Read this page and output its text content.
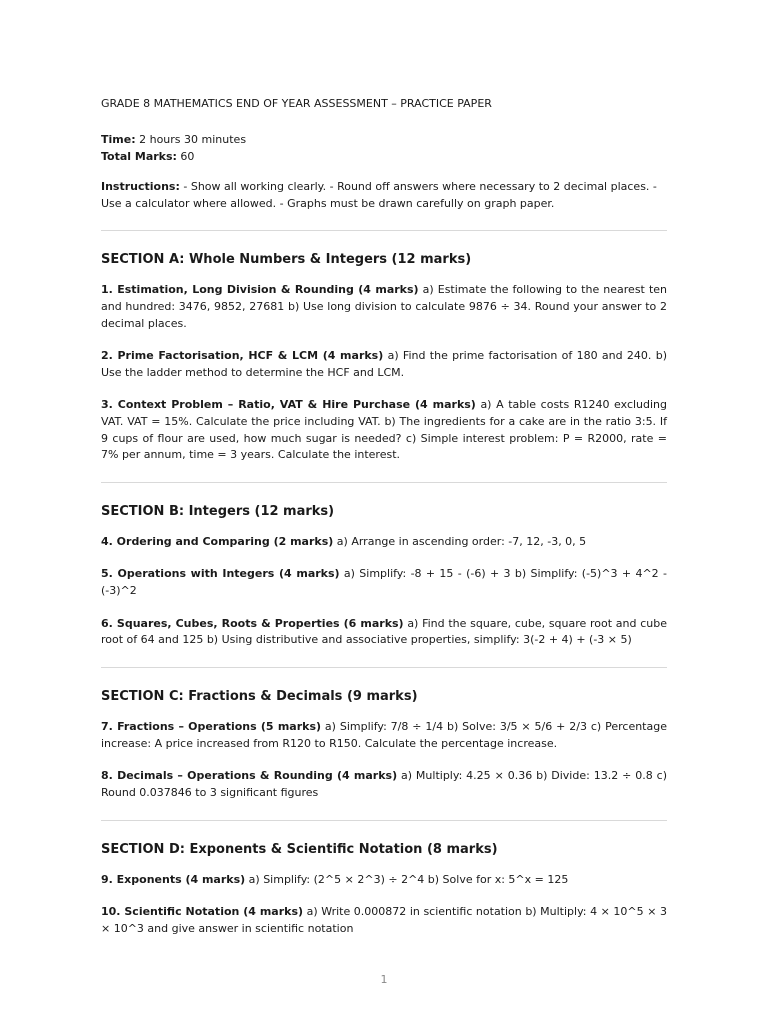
GRADE 8 MATHEMATICS END OF YEAR ASSESSMENT – PRACTICE PAPER
Time: 2 hours 30 minutes
Total Marks: 60
Instructions: - Show all working clearly. - Round off answers where necessary to 2 decimal places. - Use a calculator where allowed. - Graphs must be drawn carefully on graph paper.
SECTION A: Whole Numbers & Integers (12 marks)
1. Estimation, Long Division & Rounding (4 marks) a) Estimate the following to the nearest ten and hundred: 3476, 9852, 27681 b) Use long division to calculate 9876 ÷ 34. Round your answer to 2 decimal places.
2. Prime Factorisation, HCF & LCM (4 marks) a) Find the prime factorisation of 180 and 240. b) Use the ladder method to determine the HCF and LCM.
3. Context Problem – Ratio, VAT & Hire Purchase (4 marks) a) A table costs R1240 excluding VAT. VAT = 15%. Calculate the price including VAT. b) The ingredients for a cake are in the ratio 3:5. If 9 cups of flour are used, how much sugar is needed? c) Simple interest problem: P = R2000, rate = 7% per annum, time = 3 years. Calculate the interest.
SECTION B: Integers (12 marks)
4. Ordering and Comparing (2 marks) a) Arrange in ascending order: -7, 12, -3, 0, 5
5. Operations with Integers (4 marks) a) Simplify: -8 + 15 - (-6) + 3 b) Simplify: (-5)^3 + 4^2 - (-3)^2
6. Squares, Cubes, Roots & Properties (6 marks) a) Find the square, cube, square root and cube root of 64 and 125 b) Using distributive and associative properties, simplify: 3(-2 + 4) + (-3 × 5)
SECTION C: Fractions & Decimals (9 marks)
7. Fractions – Operations (5 marks) a) Simplify: 7/8 ÷ 1/4 b) Solve: 3/5 × 5/6 + 2/3 c) Percentage increase: A price increased from R120 to R150. Calculate the percentage increase.
8. Decimals – Operations & Rounding (4 marks) a) Multiply: 4.25 × 0.36 b) Divide: 13.2 ÷ 0.8 c) Round 0.037846 to 3 significant figures
SECTION D: Exponents & Scientific Notation (8 marks)
9. Exponents (4 marks) a) Simplify: (2^5 × 2^3) ÷ 2^4 b) Solve for x: 5^x = 125
10. Scientific Notation (4 marks) a) Write 0.000872 in scientific notation b) Multiply: 4 × 10^5 × 3 × 10^3 and give answer in scientific notation
1
